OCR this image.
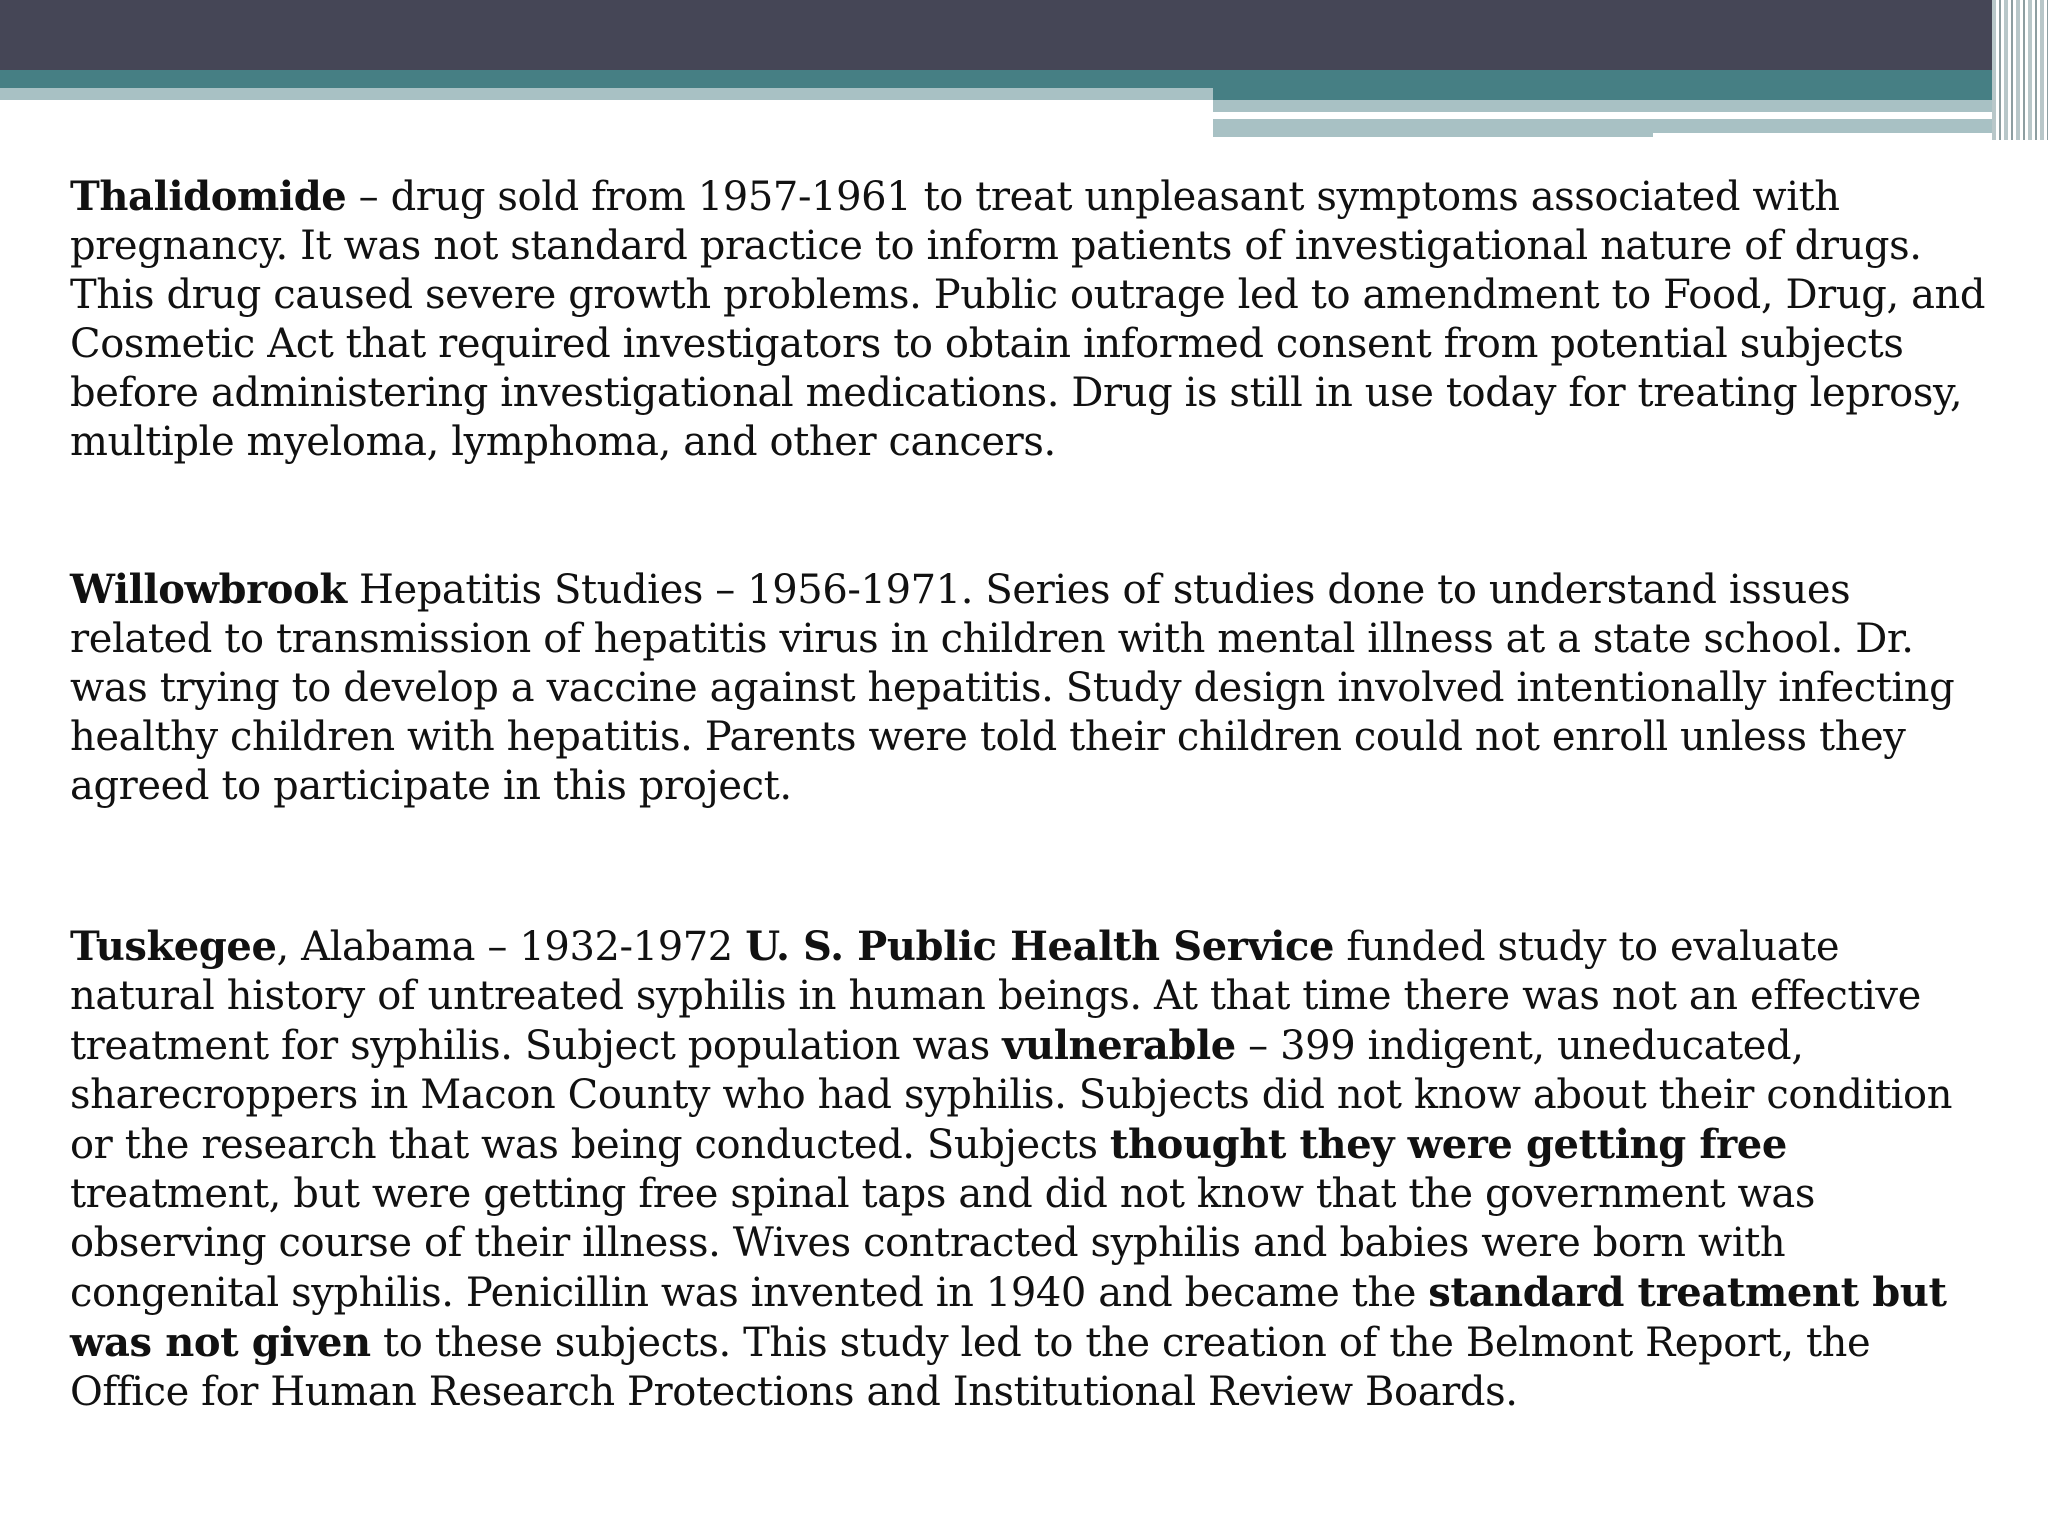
Thalidomide – drug sold from 1957-1961 to treat unpleasant symptoms associated with pregnancy. It was not standard practice to inform patients of investigational nature of drugs. This drug caused severe growth problems. Public outrage led to amendment to Food, Drug, and Cosmetic Act that required investigators to obtain informed consent from potential subjects before administering investigational medications. Drug is still in use today for treating leprosy, multiple myeloma, lymphoma, and other cancers.

Willowbrook Hepatitis Studies – 1956-1971. Series of studies done to understand issues related to transmission of hepatitis virus in children with mental illness at a state school. Dr. was trying to develop a vaccine against hepatitis. Study design involved intentionally infecting healthy children with hepatitis. Parents were told their children could not enroll unless they agreed to participate in this project.

Tuskegee, Alabama – 1932-1972 U. S. Public Health Service funded study to evaluate natural history of untreated syphilis in human beings. At that time there was not an effective treatment for syphilis. Subject population was vulnerable – 399 indigent, uneducated, sharecroppers in Macon County who had syphilis. Subjects did not know about their condition or the research that was being conducted. Subjects thought they were getting free treatment, but were getting free spinal taps and did not know that the government was observing course of their illness. Wives contracted syphilis and babies were born with congenital syphilis. Penicillin was invented in 1940 and became the standard treatment but was not given to these subjects. This study led to the creation of the Belmont Report, the Office for Human Research Protections and Institutional Review Boards.
